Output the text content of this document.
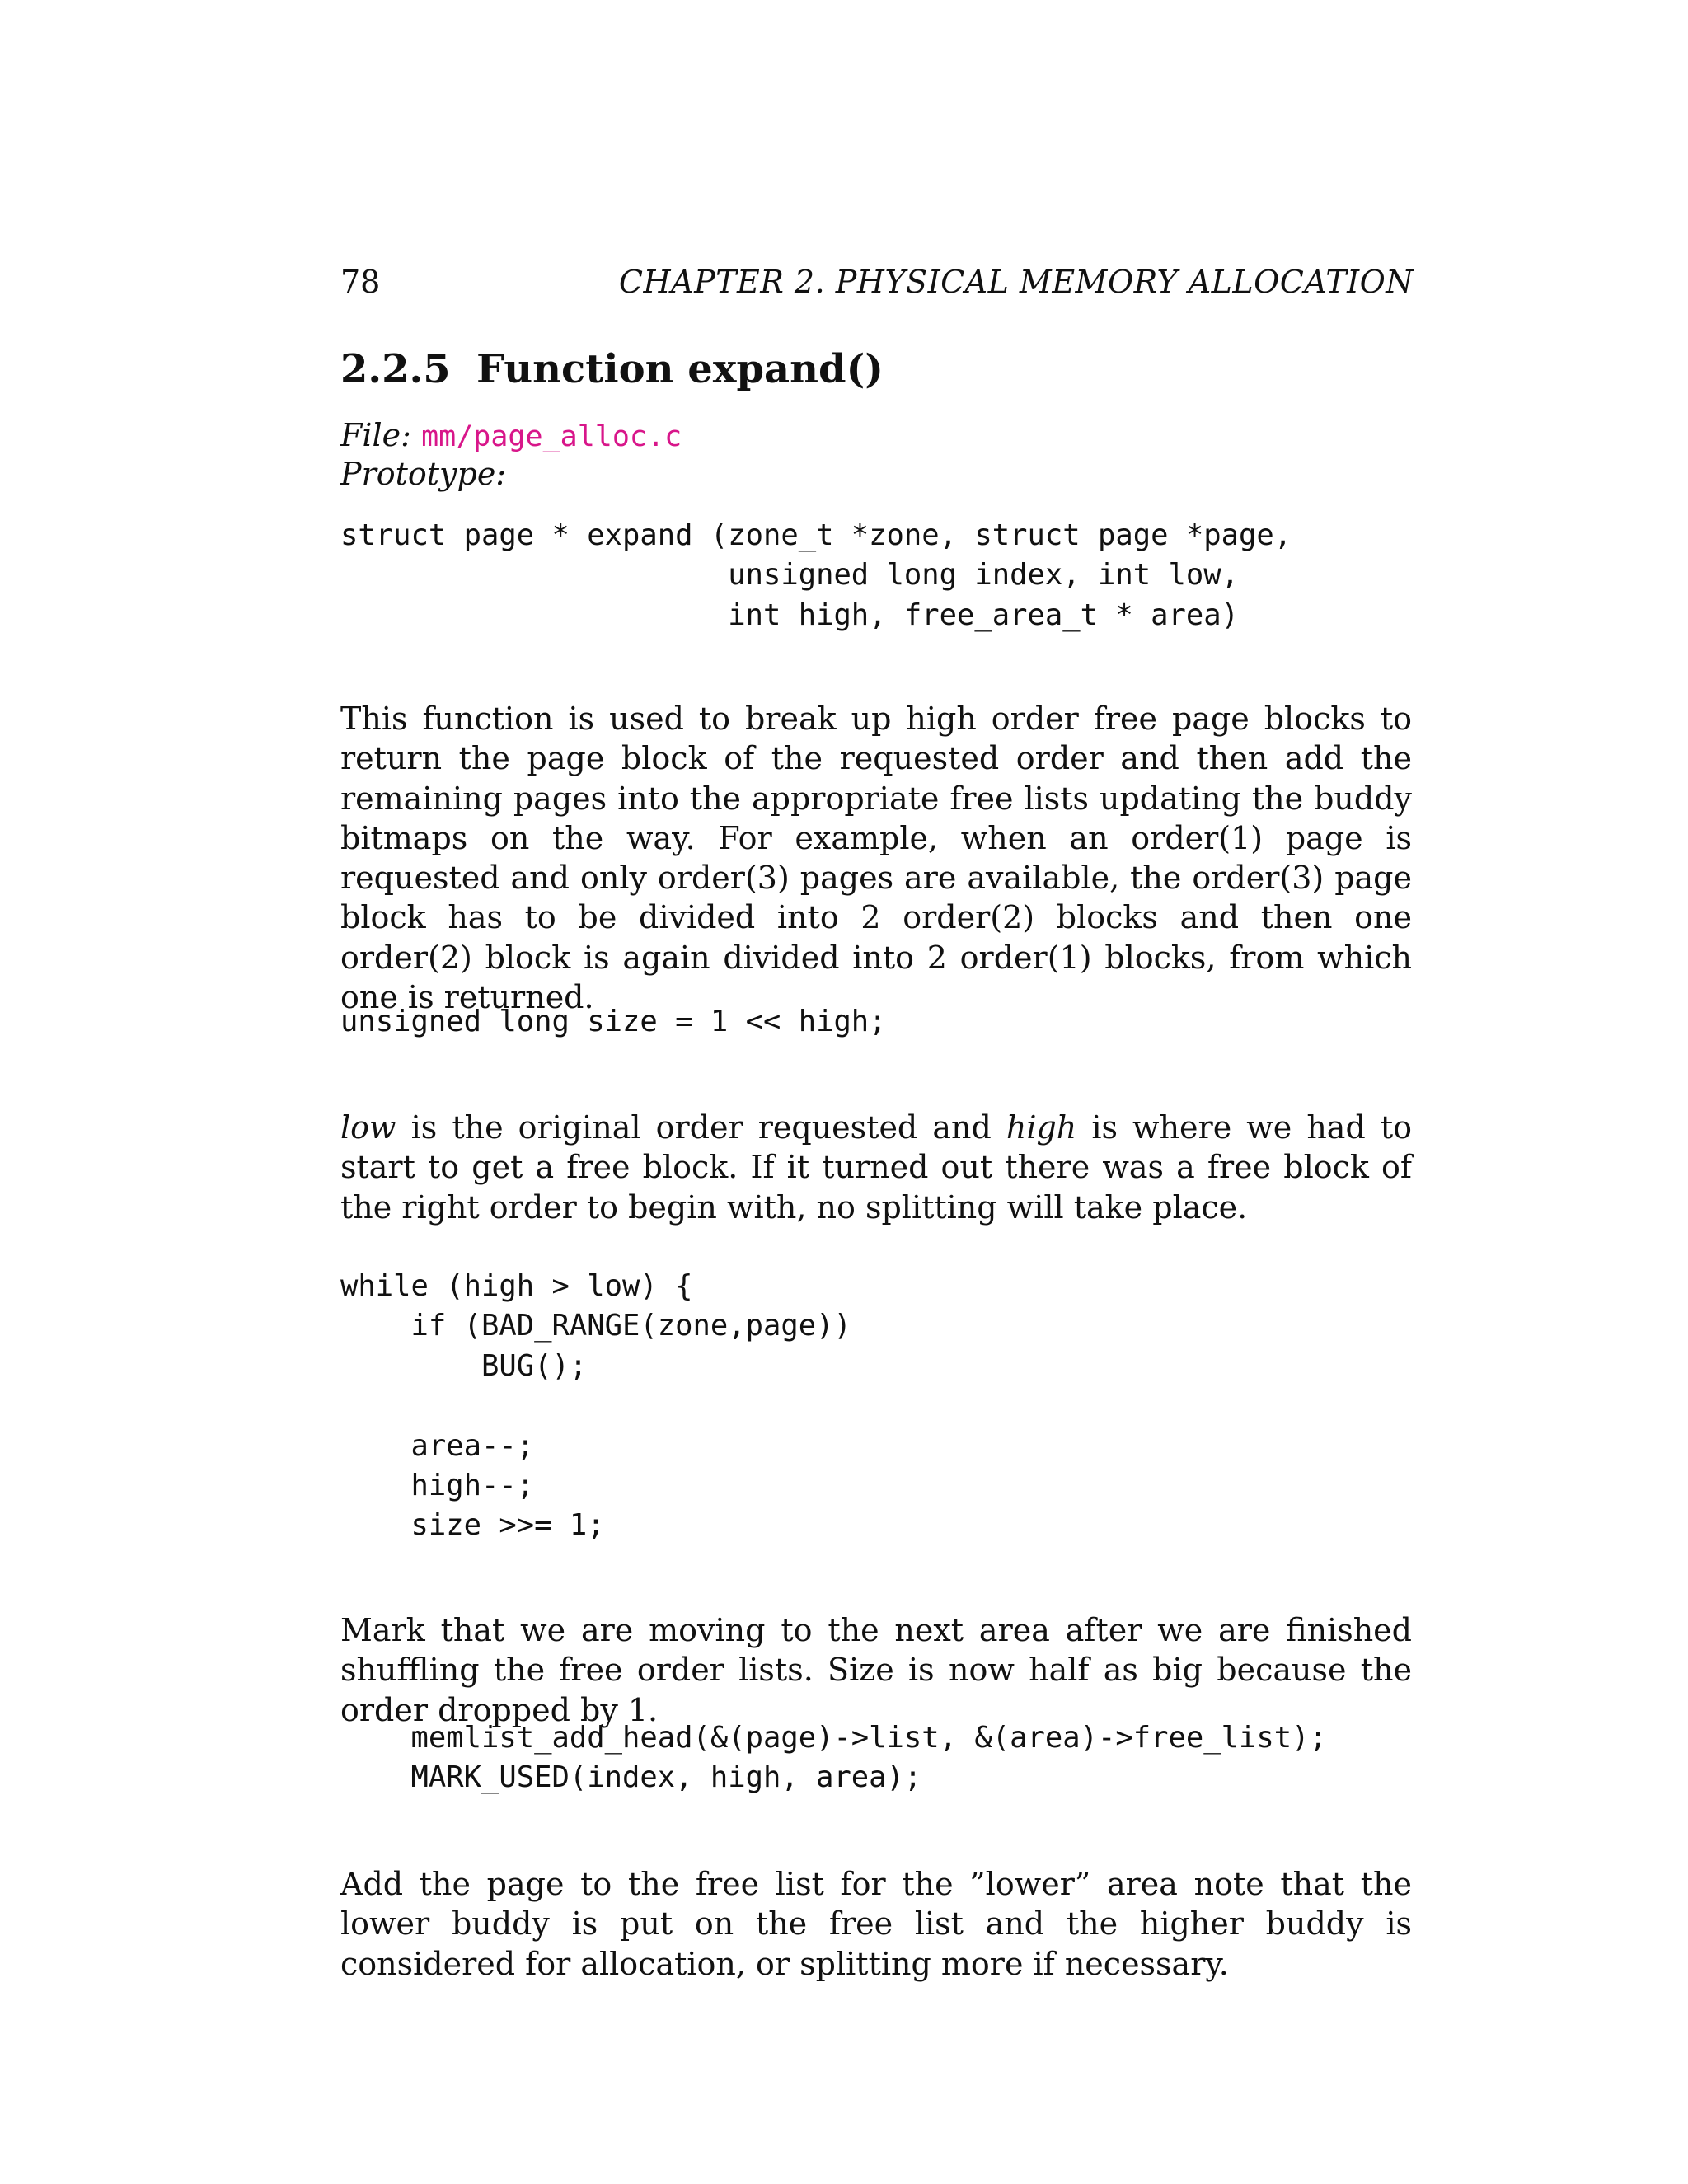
78	CHAPTER 2. PHYSICAL MEMORY ALLOCATION
2.2.5 Function expand()
File: mm/page_alloc.c
Prototype:
struct page * expand (zone_t *zone, struct page *page,
unsigned long index, int low,
int high, free_area_t * area)

This function is used to break up high order free page blocks to return the page block of the requested order and then add the remaining pages into the appropriate free lists updating the buddy bitmaps on the way. For example, when an order(1) page is requested and only order(3) pages are available, the order(3) page block has to be divided into 2 order(2) blocks and then one order(2) block is again divided into 2 order(1) blocks, from which one is returned.

unsigned long size = 1 << high;

low is the original order requested and high is where we had to start to get a free block. If it turned out there was a free block of the right order to begin with, no splitting will take place.

while (high > low) {
if (BAD_RANGE(zone,page))
BUG();

area--;
high--;
size >>= 1;

Mark that we are moving to the next area after we are finished shuffling the free order lists. Size is now half as big because the order dropped by 1.

memlist_add_head(&(page)->list, &(area)->free_list);
MARK_USED(index, high, area);

Add the page to the free list for the ”lower” area note that the lower buddy is put on the free list and the higher buddy is considered for allocation, or splitting more if necessary.
